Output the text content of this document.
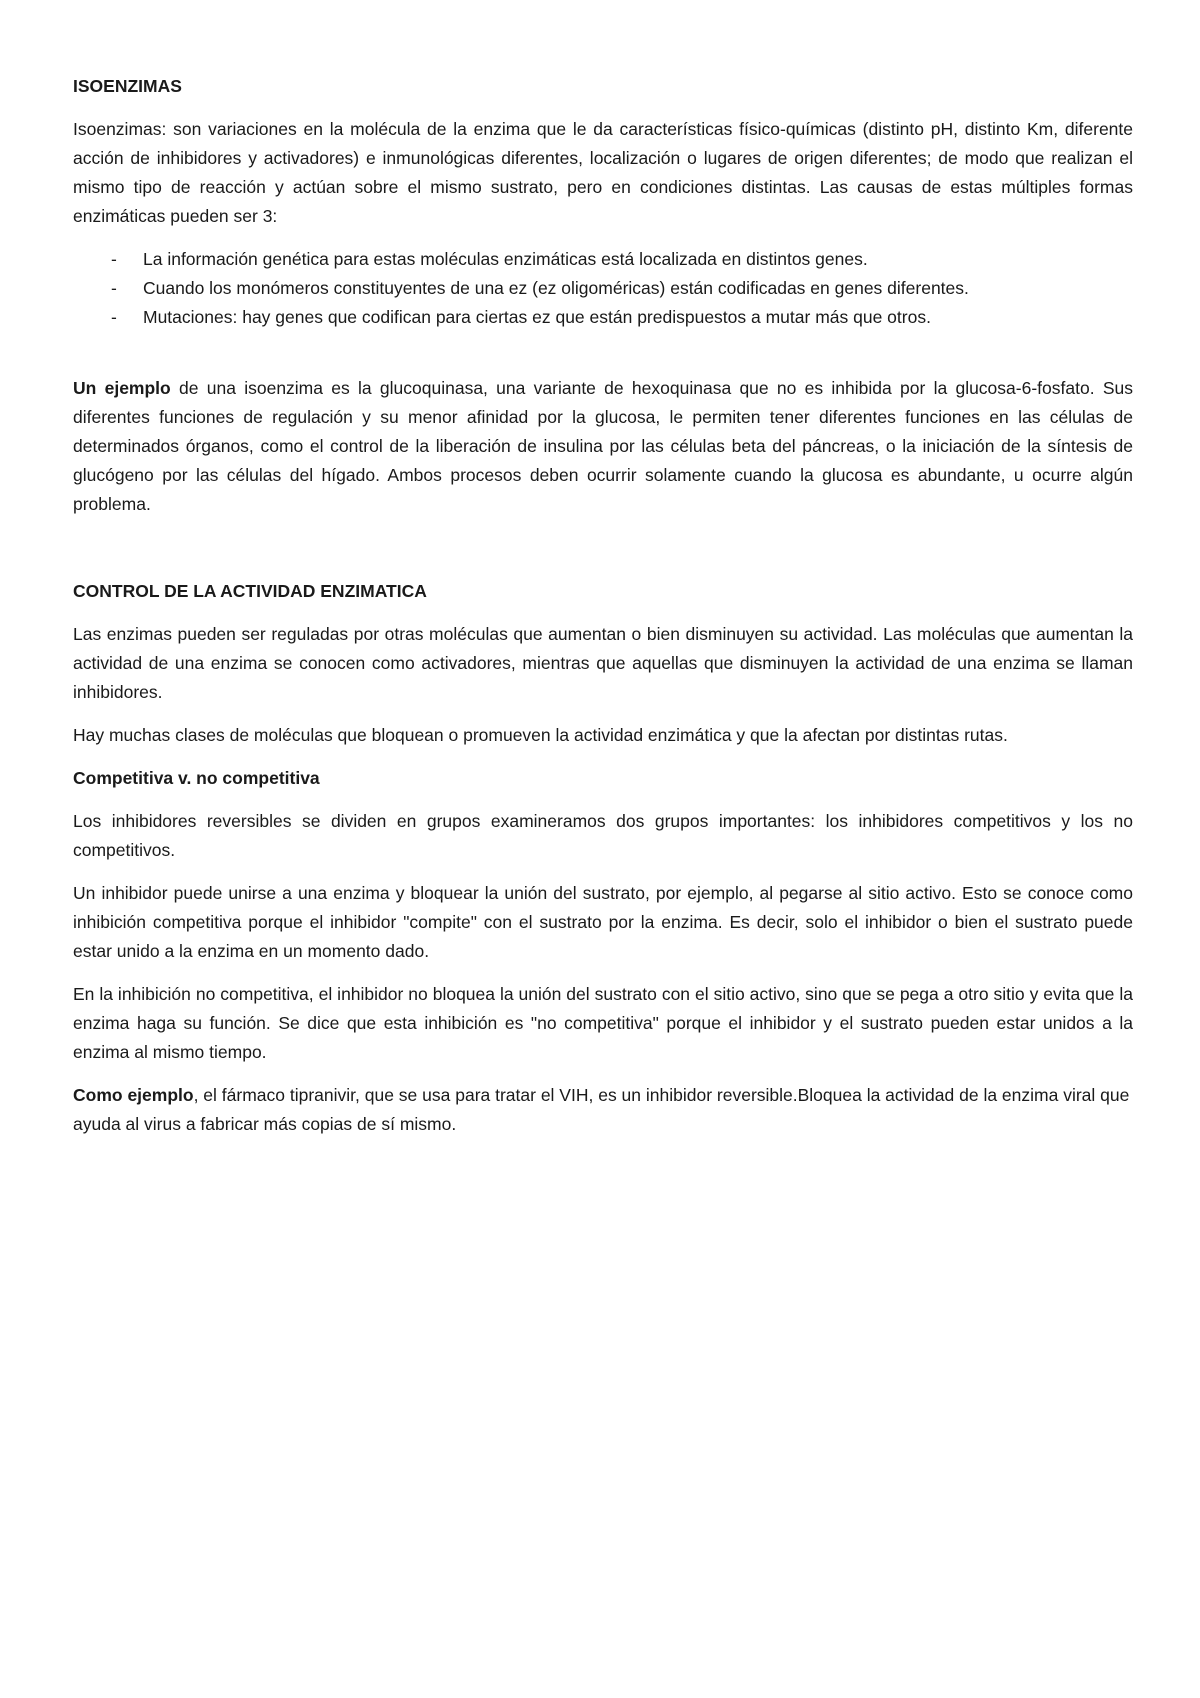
ISOENZIMAS

Isoenzimas: son variaciones en la molécula de la enzima que le da características físico-químicas (distinto pH, distinto Km, diferente acción de inhibidores y activadores) e inmunológicas diferentes, localización o lugares de origen diferentes; de modo que realizan el mismo tipo de reacción y actúan sobre el mismo sustrato, pero en condiciones distintas. Las causas de estas múltiples formas enzimáticas pueden ser 3:

- La información genética para estas moléculas enzimáticas está localizada en distintos genes.
- Cuando los monómeros constituyentes de una ez (ez oligoméricas) están codificadas en genes diferentes.
- Mutaciones: hay genes que codifican para ciertas ez que están predispuestos a mutar más que otros.

Un ejemplo de una isoenzima es la glucoquinasa, una variante de hexoquinasa que no es inhibida por la glucosa-6-fosfato. Sus diferentes funciones de regulación y su menor afinidad por la glucosa, le permiten tener diferentes funciones en las células de determinados órganos, como el control de la liberación de insulina por las células beta del páncreas, o la iniciación de la síntesis de glucógeno por las células del hígado. Ambos procesos deben ocurrir solamente cuando la glucosa es abundante, u ocurre algún problema.

CONTROL DE LA ACTIVIDAD ENZIMATICA

Las enzimas pueden ser reguladas por otras moléculas que aumentan o bien disminuyen su actividad. Las moléculas que aumentan la actividad de una enzima se conocen como activadores, mientras que aquellas que disminuyen la actividad de una enzima se llaman inhibidores.

Hay muchas clases de moléculas que bloquean o promueven la actividad enzimática y que la afectan por distintas rutas.

Competitiva v. no competitiva

Los inhibidores reversibles se dividen en grupos examineramos dos grupos importantes: los inhibidores competitivos y los no competitivos.

Un inhibidor puede unirse a una enzima y bloquear la unión del sustrato, por ejemplo, al pegarse al sitio activo. Esto se conoce como inhibición competitiva porque el inhibidor "compite" con el sustrato por la enzima. Es decir, solo el inhibidor o bien el sustrato puede estar unido a la enzima en un momento dado.

En la inhibición no competitiva, el inhibidor no bloquea la unión del sustrato con el sitio activo, sino que se pega a otro sitio y evita que la enzima haga su función. Se dice que esta inhibición es "no competitiva" porque el inhibidor y el sustrato pueden estar unidos a la enzima al mismo tiempo.

Como ejemplo, el fármaco tipranivir, que se usa para tratar el VIH, es un inhibidor reversible.Bloquea la actividad de la enzima viral que ayuda al virus a fabricar más copias de sí mismo.
